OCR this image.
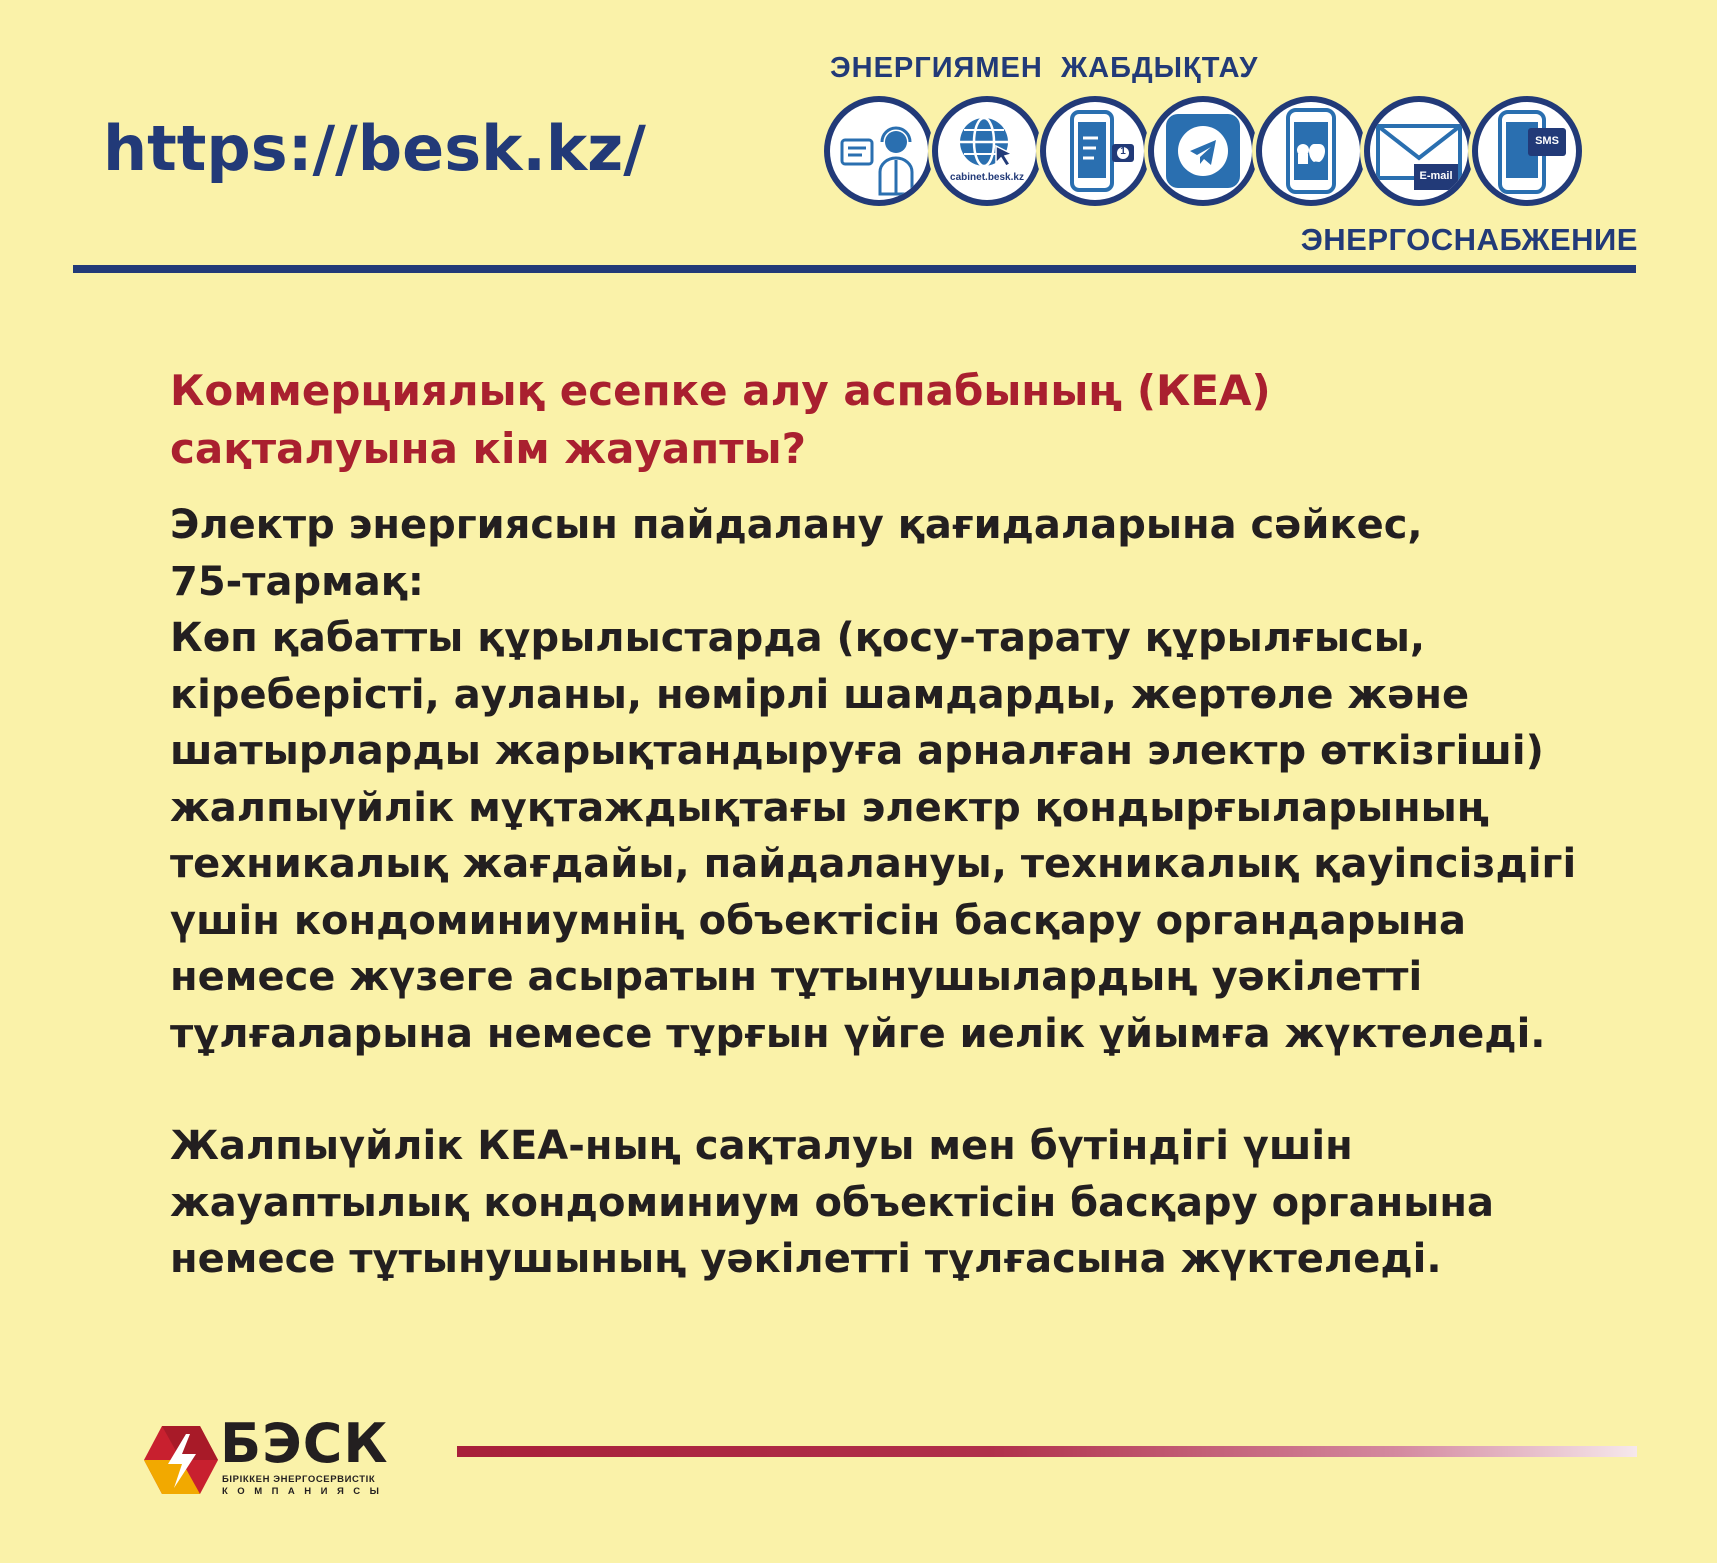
https://besk.kz/
ЭНЕРГИЯМЕН  ЖАБДЫҚТАУ
cabinet.besk.kz
1
E-mail
SMS
ЭНЕРГОСНАБЖЕНИЕ
Коммерциялық есепке алу аспабының (КЕА) сақталуына кім жауапты?

Электр энергиясын пайдалану қағидаларына сәйкес,

75-тармақ:

Көп қабатты құрылыстарда (қосу-тарату құрылғысы, кіреберісті, ауланы, нөмірлі шамдарды, жертөле және шатырларды жарықтандыруға арналған электр өткізгіші) жалпыүйлік мұқтаждықтағы электр қондырғыларының техникалық жағдайы, пайдалануы, техникалық қауіпсіздігі үшін кондоминиумнің объектісін басқару органдарына немесе жүзеге асыратын тұтынушылардың уәкілетті тұлғаларына немесе тұрғын үйге иелік ұйымға жүктеледі.

Жалпыүйлік КЕА-ның сақталуы мен бүтіндігі үшін жауаптылық кондоминиум объектісін басқару органына немесе тұтынушының уәкілетті тұлғасына жүктеледі.

БЭСК
БІРІККЕН ЭНЕРГОСЕРВИСТІК
КОМПАНИЯСЫ
